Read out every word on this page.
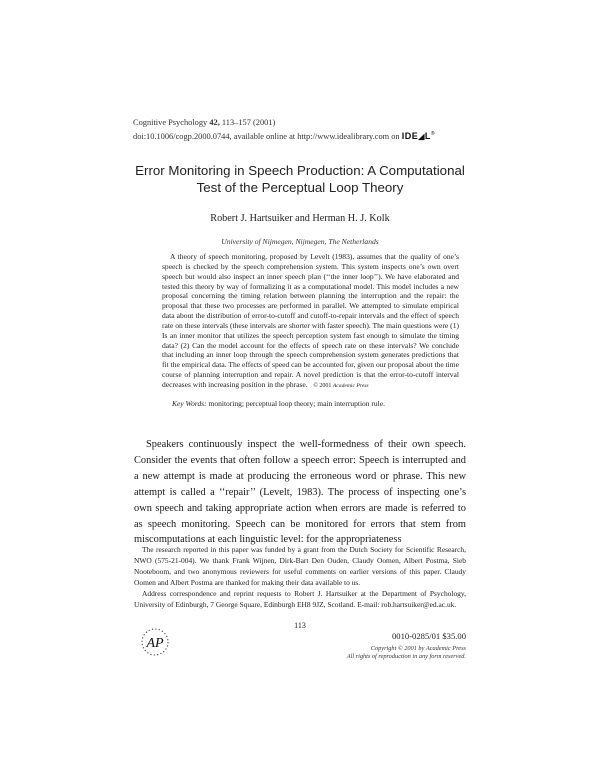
Cognitive Psychology 42, 113–157 (2001)
doi:10.1006/cogp.2000.0744, available online at http://www.idealibrary.com on IDE◢L®
Error Monitoring in Speech Production: A Computational
Test of the Perceptual Loop Theory
Robert J. Hartsuiker and Herman H. J. Kolk
University of Nijmegen, Nijmegen, The Netherlands
A theory of speech monitoring, proposed by Levelt (1983), assumes that the quality of one’s speech is checked by the speech comprehension system. This system inspects one’s own overt speech but would also inspect an inner speech plan (‘‘the inner loop’’). We have elaborated and tested this theory by way of formalizing it as a computational model. This model includes a new proposal concerning the timing relation between planning the interruption and the repair: the proposal that these two processes are performed in parallel. We attempted to simulate empirical data about the distribution of error-to-cutoff and cutoff-to-repair intervals and the effect of speech rate on these intervals (these intervals are shorter with faster speech). The main questions were (1) Is an inner monitor that utilizes the speech perception system fast enough to simulate the timing data? (2) Can the model account for the effects of speech rate on these intervals? We conclude that including an inner loop through the speech comprehension system generates predictions that fit the empirical data. The effects of speed can be accounted for, given our proposal about the time course of planning interruption and repair. A novel prediction is that the error-to-cutoff interval decreases with increasing position in the phrase. © 2001 Academic Press
Key Words: monitoring; perceptual loop theory; main interruption rule.
Speakers continuously inspect the well-formedness of their own speech. Consider the events that often follow a speech error: Speech is interrupted and a new attempt is made at producing the erroneous word or phrase. This new attempt is called a ‘‘repair’’ (Levelt, 1983). The process of inspecting one’s own speech and taking appropriate action when errors are made is referred to as speech monitoring. Speech can be monitored for errors that stem from miscomputations at each linguistic level: for the appropriateness

The research reported in this paper was funded by a grant from the Dutch Society for Scientific Research, NWO (575-21-004). We thank Frank Wijnen, Dirk-Bart Den Ouden, Claudy Oomen, Albert Postma, Sieb Nooteboom, and two anonymous reviewers for useful comments on earlier versions of this paper. Claudy Oomen and Albert Postma are thanked for making their data available to us.

Address correspondence and reprint requests to Robert J. Hartsuiker at the Department of Psychology, University of Edinburgh, 7 George Square, Edinburgh EH8 9JZ, Scotland. E-mail: rob.hartsuiker@ed.ac.uk.

113
AP	0010-0285/01 $35.00
Copyright © 2001 by Academic Press
All rights of reproduction in any form reserved.
